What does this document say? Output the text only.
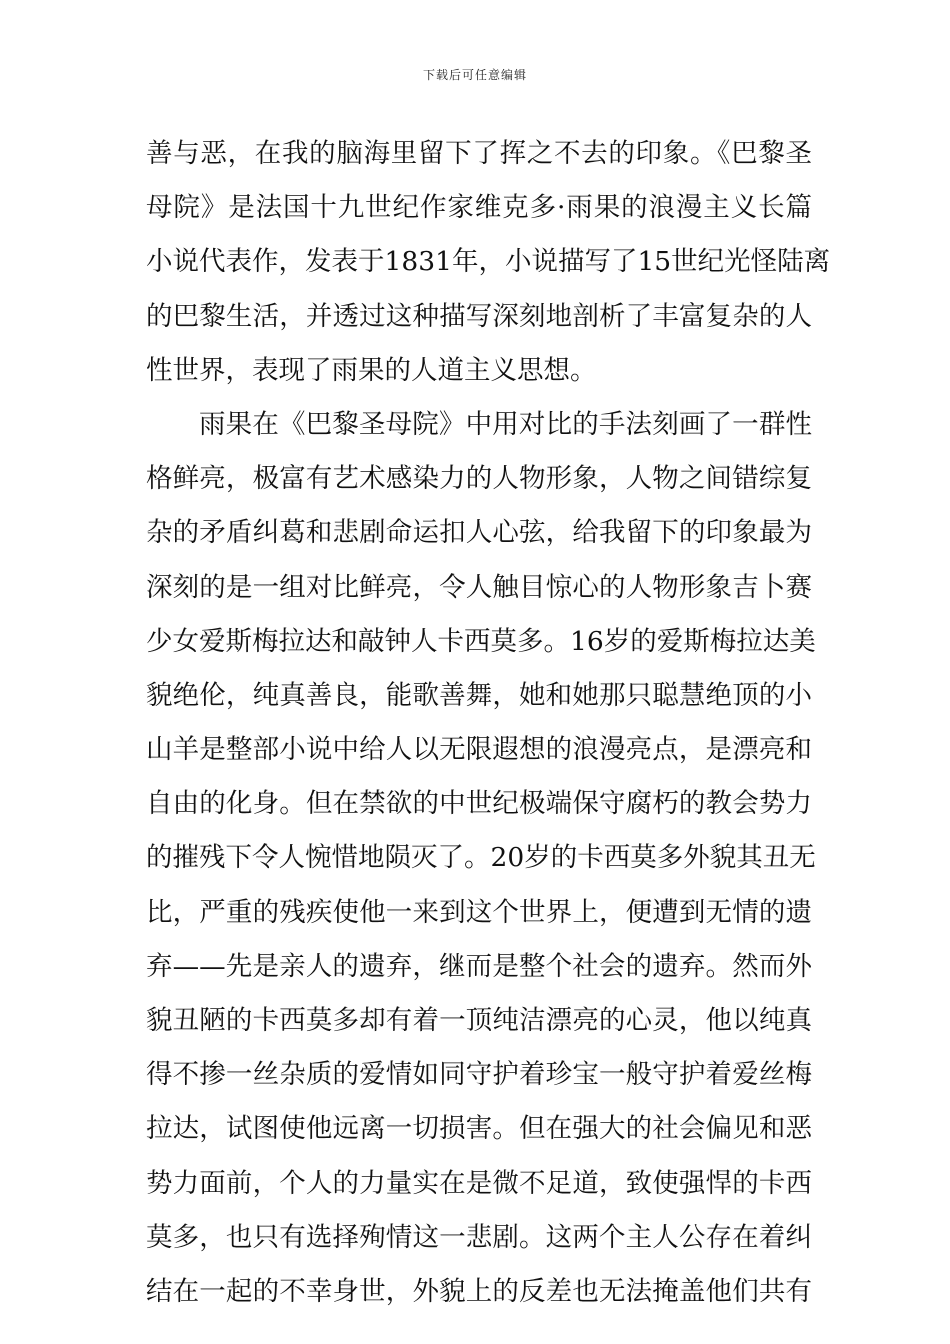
下载后可任意编辑
善与恶，在我的脑海里留下了挥之不去的印象。《巴黎圣
母院》是法国十九世纪作家维克多·雨果的浪漫主义长篇
小说代表作，发表于1831年，小说描写了15世纪光怪陆离
的巴黎生活，并透过这种描写深刻地剖析了丰富复杂的人
性世界，表现了雨果的人道主义思想。
雨果在《巴黎圣母院》中用对比的手法刻画了一群性
格鲜亮，极富有艺术感染力的人物形象，人物之间错综复
杂的矛盾纠葛和悲剧命运扣人心弦，给我留下的印象最为
深刻的是一组对比鲜亮，令人触目惊心的人物形象吉卜赛
少女爱斯梅拉达和敲钟人卡西莫多。16岁的爱斯梅拉达美
貌绝伦，纯真善良，能歌善舞，她和她那只聪慧绝顶的小
山羊是整部小说中给人以无限遐想的浪漫亮点，是漂亮和
自由的化身。但在禁欲的中世纪极端保守腐朽的教会势力
的摧残下令人惋惜地陨灭了。20岁的卡西莫多外貌其丑无
比，严重的残疾使他一来到这个世界上，便遭到无情的遗
弃——先是亲人的遗弃，继而是整个社会的遗弃。然而外
貌丑陋的卡西莫多却有着一顶纯洁漂亮的心灵，他以纯真
得不掺一丝杂质的爱情如同守护着珍宝一般守护着爱丝梅
拉达，试图使他远离一切损害。但在强大的社会偏见和恶
势力面前，个人的力量实在是微不足道，致使强悍的卡西
莫多，也只有选择殉情这一悲剧。这两个主人公存在着纠
结在一起的不幸身世，外貌上的反差也无法掩盖他们共有
